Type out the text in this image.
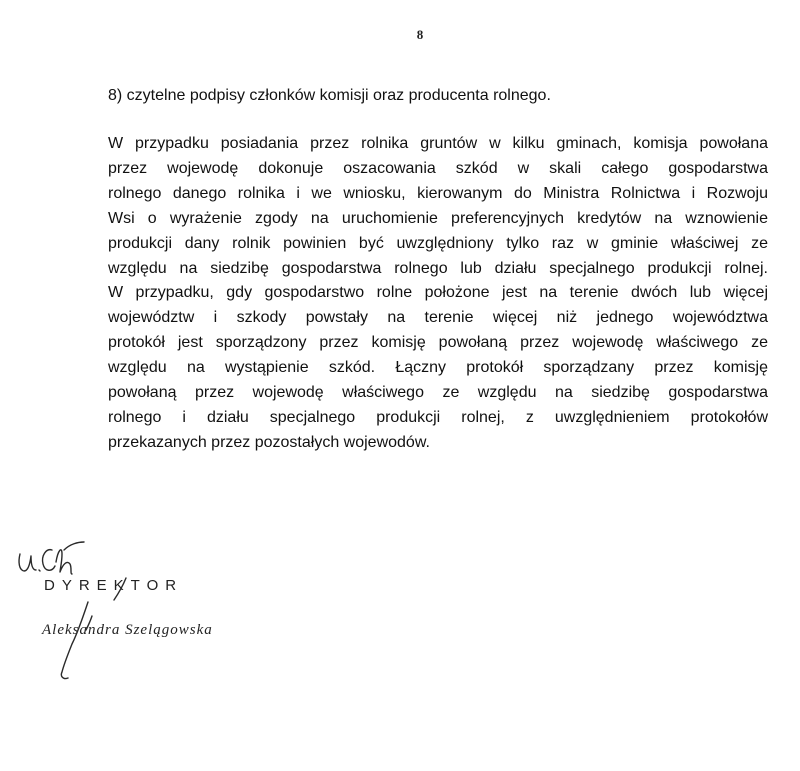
8
8) czytelne podpisy członków komisji oraz producenta rolnego.
W przypadku posiadania przez rolnika gruntów w kilku gminach, komisja powołana
przez wojewodę dokonuje oszacowania szkód w skali całego gospodarstwa
rolnego danego rolnika i we wniosku, kierowanym do Ministra Rolnictwa i Rozwoju
Wsi o wyrażenie zgody na uruchomienie preferencyjnych kredytów na wznowienie
produkcji dany rolnik powinien być uwzględniony tylko raz w gminie właściwej ze
względu na siedzibę gospodarstwa rolnego lub działu specjalnego produkcji rolnej.
W przypadku, gdy gospodarstwo rolne położone jest na terenie dwóch lub więcej
województw i szkody powstały na terenie więcej niż jednego województwa
protokół jest sporządzony przez komisję powołaną przez wojewodę właściwego ze
względu na wystąpienie szkód. Łączny protokół sporządzany przez komisję
powołaną przez wojewodę właściwego ze względu na siedzibę gospodarstwa
rolnego i działu specjalnego produkcji rolnej, z uwzględnieniem protokołów
przekazanych przez pozostałych wojewodów.
DYREKTOR
Aleksandra Szelągowska
